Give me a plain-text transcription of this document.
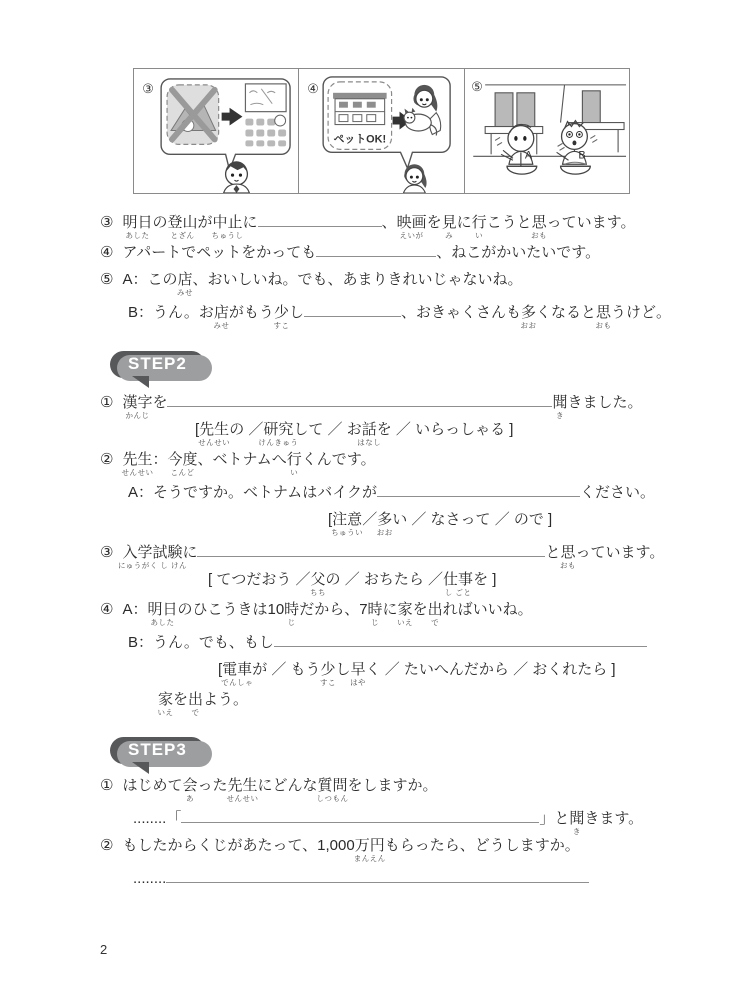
③	④
ペットOK!
⑤
A	B
③ 明日
あした
の登山
とざん
が中止
ちゅうし
に	、映画
えいが
を見
み
に行
い
こうと思
おも
っています。
④ アパートでペットをかっても	、ねこがかいたいです。
⑤ A：この店
みせ
、おいしいね。でも、あまりきれいじゃないね。
B：うん。お店
みせ
がもう少
すこ
し	、おきゃくさんも多
おお
くなると思
おも
うけど。
STEP2
① 漢字
かんじ
を	聞
き
きました。
[先生
せんせい
の ／研究
けんきゅう
して ／ お話
はなし
を ／ いらっしゃる ]
② 先生
せんせい
：今度
こんど
、ベトナムへ行
い
くんです。
A：そうですか。ベトナムはバイクが	ください。
[注意
ちゅうい
／多
おお
い ／ なさって ／ ので ]
③ 入学試験
にゅうがく し けん
に	と思
おも
っています。
[ てつだおう ／父
ちち
の ／ おちたら ／仕事
し ごと
を ]
④ A：明日
あした
のひこうきは10時
じ
だから、7時
じ
に家
いえ
を出
で
ればいいね。
B：うん。でも、もし
[電車
でんしゃ
が ／ もう少
すこ
し早
はや
く ／ たいへんだから ／ おくれたら ]
家
いえ
を出
で
よう。
STEP3
① はじめて会
あ
った先生
せんせい
にどんな質問
しつもん
をしますか。
........「	」と聞
き
きます。
② もしたからくじがあたって、1,000万円
まんえん
もらったら、どうしますか。
........
2
